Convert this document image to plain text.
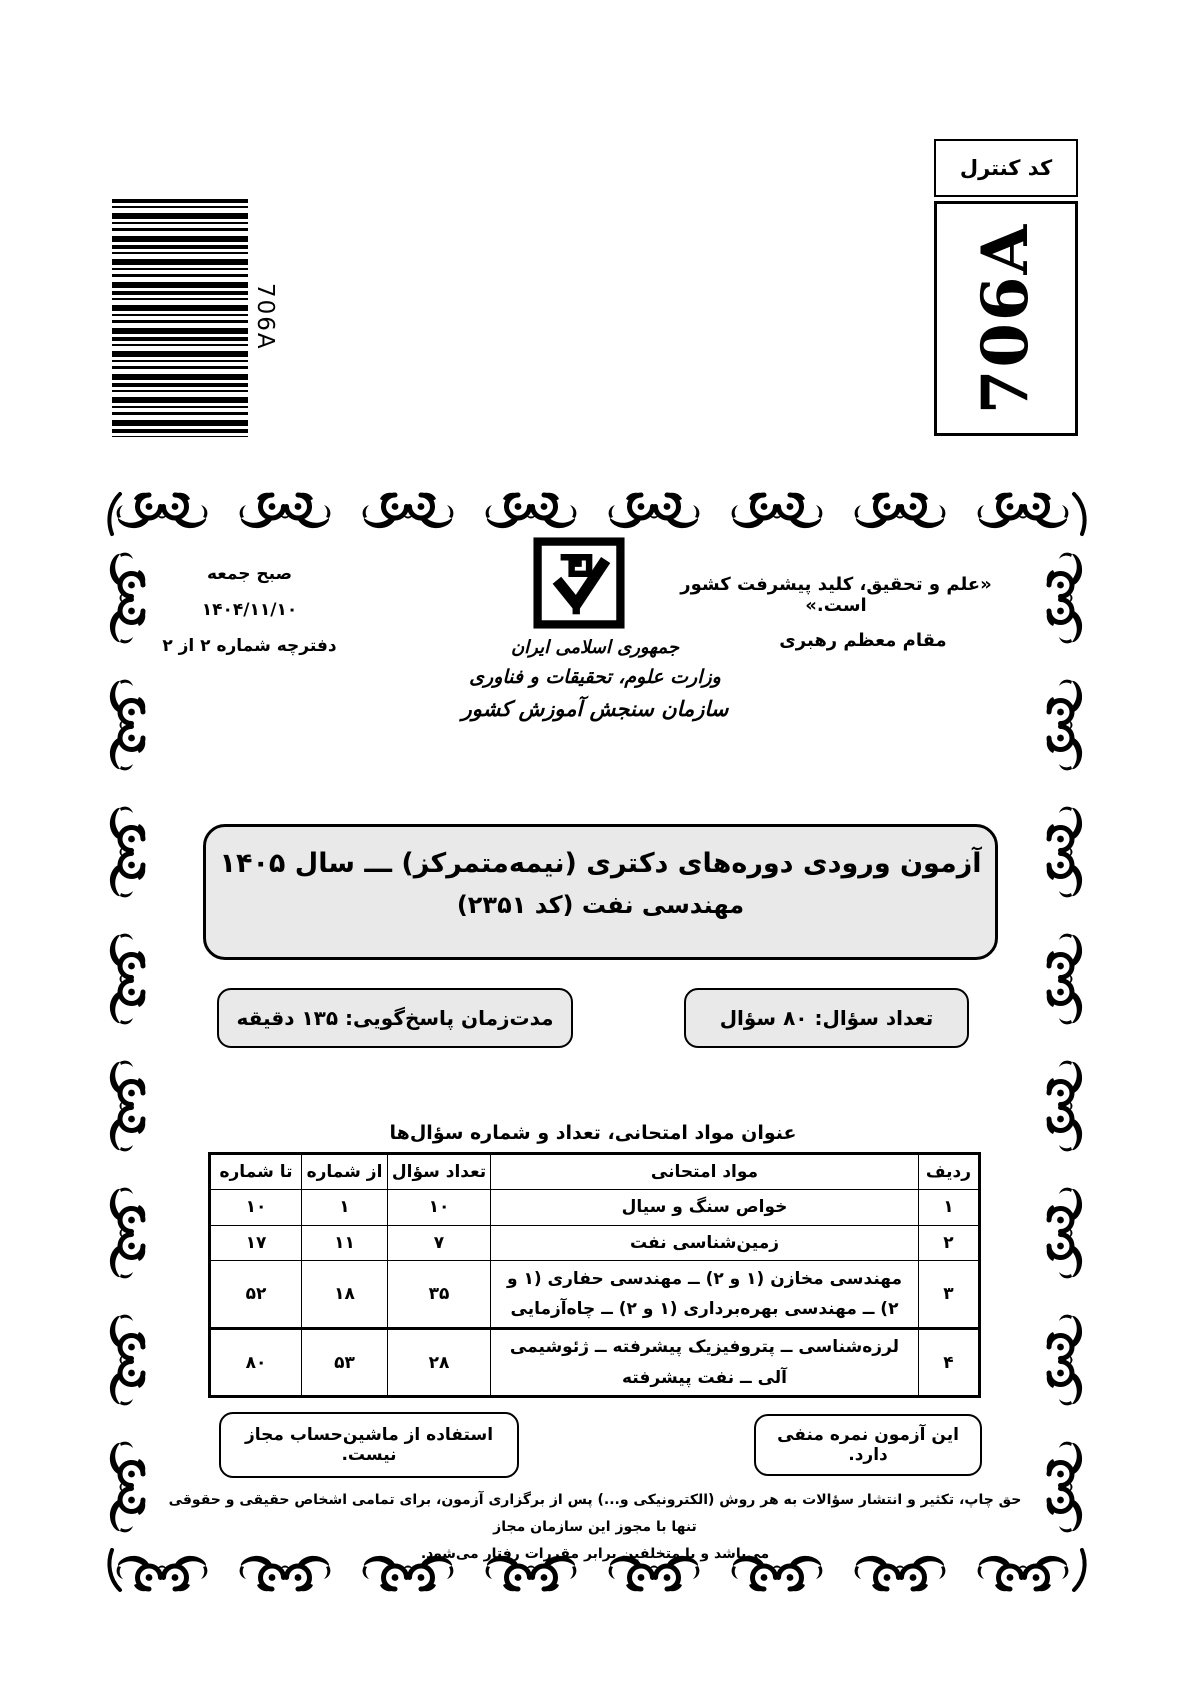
706A
کد کنترل
706A
«علم و تحقیق، کلید پیشرفت کشور است.»
مقام معظم رهبری
صبح جمعه
۱۴۰۴/۱۱/۱۰
دفترچه شماره ۲ از ۲	جمهوری اسلامی ایران
وزارت علوم، تحقیقات و فناوری
سازمان سنجش آموزش کشور
آزمون ورودی دوره‌های دکتری (نیمه‌متمرکز) ـــ سال ۱۴۰۵
مهندسی نفت (کد ۲۳۵۱)
تعداد سؤال: ۸۰ سؤال
مدت‌زمان پاسخ‌گویی: ۱۳۵ دقیقه
عنوان مواد امتحانی، تعداد و شماره سؤال‌ها
ردیف	مواد امتحانی	تعداد سؤال	از شماره	تا شماره
۱	خواص سنگ و سیال	۱۰	۱	۱۰
۲	زمین‌شناسی نفت	۷	۱۱	۱۷
۳	مهندسی مخازن (۱ و ۲) ــ مهندسی حفاری (۱ و ۲) ــ مهندسی بهره‌برداری (۱ و ۲) ــ چاه‌آزمایی	۳۵	۱۸	۵۲
۴	لرزه‌شناسی ــ پتروفیزیک پیشرفته ــ ژئوشیمی آلی ــ نفت پیشرفته	۲۸	۵۳	۸۰
این آزمون نمره منفی دارد.
استفاده از ماشین‌حساب مجاز نیست.
حق چاپ، تکثیر و انتشار سؤالات به هر روش (الکترونیکی و...) پس از برگزاری آزمون، برای تمامی اشخاص حقیقی و حقوقی تنها با مجوز این سازمان مجاز
می‌باشد و با متخلفین برابر مقررات رفتار می‌شود.
